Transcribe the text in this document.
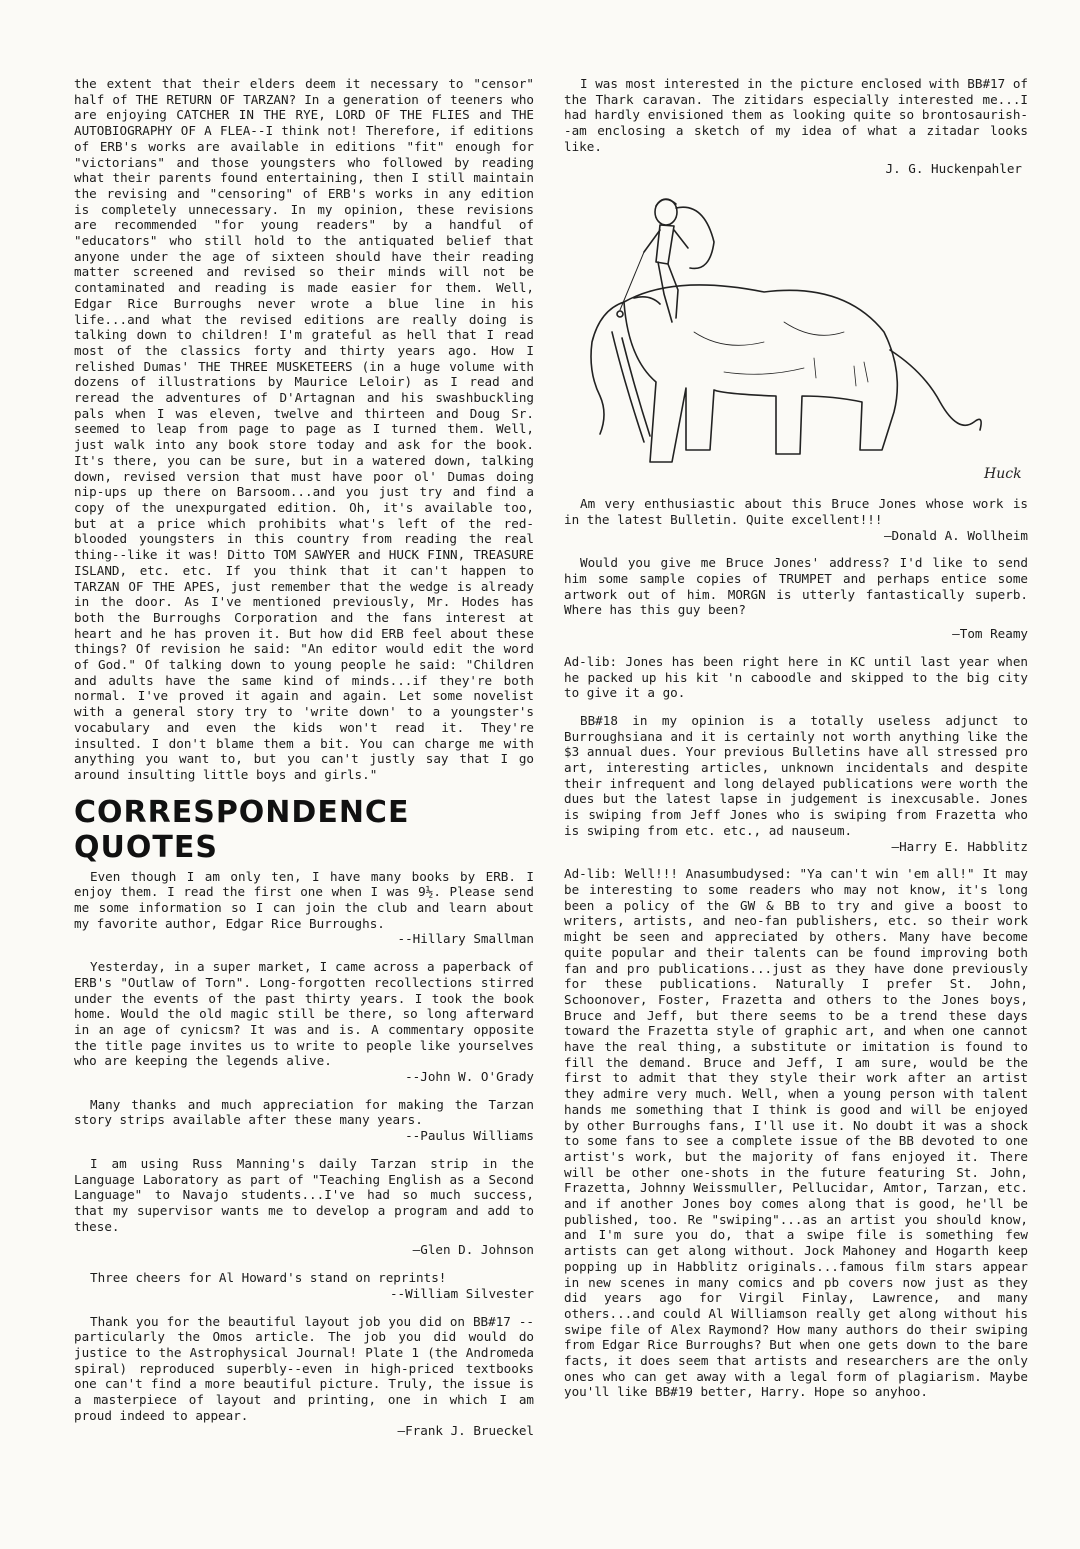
the extent that their elders deem it necessary to "censor" half of THE RETURN OF TARZAN? In a generation of teeners who are enjoying CATCHER IN THE RYE, LORD OF THE FLIES and THE AUTOBIOGRAPHY OF A FLEA--I think not! Therefore, if editions of ERB's works are available in editions "fit" enough for "victorians" and those youngsters who followed by reading what their parents found entertaining, then I still maintain the revising and "censoring" of ERB's works in any edition is completely unnecessary. In my opinion, these revisions are recommended "for young readers" by a handful of "educators" who still hold to the antiquated belief that anyone under the age of sixteen should have their reading matter screened and revised so their minds will not be contaminated and reading is made easier for them. Well, Edgar Rice Burroughs never wrote a blue line in his life...and what the revised editions are really doing is talking down to children! I'm grateful as hell that I read most of the classics forty and thirty years ago. How I relished Dumas' THE THREE MUSKETEERS (in a huge volume with dozens of illustrations by Maurice Leloir) as I read and reread the adventures of D'Artagnan and his swashbuckling pals when I was eleven, twelve and thirteen and Doug Sr. seemed to leap from page to page as I turned them. Well, just walk into any book store today and ask for the book. It's there, you can be sure, but in a watered down, talking down, revised version that must have poor ol' Dumas doing nip-ups up there on Barsoom...and you just try and find a copy of the unexpurgated edition. Oh, it's available too, but at a price which prohibits what's left of the red-blooded youngsters in this country from reading the real thing--like it was! Ditto TOM SAWYER and HUCK FINN, TREASURE ISLAND, etc. etc. If you think that it can't happen to TARZAN OF THE APES, just remember that the wedge is already in the door. As I've mentioned previously, Mr. Hodes has both the Burroughs Corporation and the fans interest at heart and he has proven it. But how did ERB feel about these things? Of revision he said: "An editor would edit the word of God." Of talking down to young people he said: "Children and adults have the same kind of minds...if they're both normal. I've proved it again and again. Let some novelist with a general story try to 'write down' to a youngster's vocabulary and even the kids won't read it. They're insulted. I don't blame them a bit. You can charge me with anything you want to, but you can't justly say that I go around insulting little boys and girls."

CORRESPONDENCE QUOTES

Even though I am only ten, I have many books by ERB. I enjoy them. I read the first one when I was 9½. Please send me some information so I can join the club and learn about my favorite author, Edgar Rice Burroughs.

--Hillary Smallman

Yesterday, in a super market, I came across a paperback of ERB's "Outlaw of Torn". Long-forgotten recollections stirred under the events of the past thirty years. I took the book home. Would the old magic still be there, so long afterward in an age of cynicsm? It was and is. A commentary opposite the title page invites us to write to people like yourselves who are keeping the legends alive.

--John W. O'Grady

Many thanks and much appreciation for making the Tarzan story strips available after these many years.

--Paulus Williams

I am using Russ Manning's daily Tarzan strip in the Language Laboratory as part of "Teaching English as a Second Language" to Navajo students...I've had so much success, that my supervisor wants me to develop a program and add to these.

—Glen D. Johnson

Three cheers for Al Howard's stand on reprints!

--William Silvester

Thank you for the beautiful layout job you did on BB#17 --particularly the Omos article. The job you did would do justice to the Astrophysical Journal! Plate 1 (the Andromeda spiral) reproduced superbly--even in high-priced textbooks one can't find a more beautiful picture. Truly, the issue is a masterpiece of layout and printing, one in which I am proud indeed to appear.

—Frank J. Brueckel

I was most interested in the picture enclosed with BB#17 of the Thark caravan. The zitidars especially interested me...I had hardly envisioned them as looking quite so brontosaurish--am enclosing a sketch of my idea of what a zitadar looks like.

J. G. Huckenpahler
Huck

Am very enthusiastic about this Bruce Jones whose work is in the latest Bulletin. Quite excellent!!!

—Donald A. Wollheim

Would you give me Bruce Jones' address? I'd like to send him some sample copies of TRUMPET and perhaps entice some artwork out of him. MORGN is utterly fantastically superb. Where has this guy been?

—Tom Reamy

Ad-lib: Jones has been right here in KC until last year when he packed up his kit 'n caboodle and skipped to the big city to give it a go.

BB#18 in my opinion is a totally useless adjunct to Burroughsiana and it is certainly not worth anything like the $3 annual dues. Your previous Bulletins have all stressed pro art, interesting articles, unknown incidentals and despite their infrequent and long delayed publications were worth the dues but the latest lapse in judgement is inexcusable. Jones is swiping from Jeff Jones who is swiping from Frazetta who is swiping from etc. etc., ad nauseum.

—Harry E. Habblitz

Ad-lib: Well!!! Anasumbudysed: "Ya can't win 'em all!" It may be interesting to some readers who may not know, it's long been a policy of the GW & BB to try and give a boost to writers, artists, and neo-fan publishers, etc. so their work might be seen and appreciated by others. Many have become quite popular and their talents can be found improving both fan and pro publications...just as they have done previously for these publications. Naturally I prefer St. John, Schoonover, Foster, Frazetta and others to the Jones boys, Bruce and Jeff, but there seems to be a trend these days toward the Frazetta style of graphic art, and when one cannot have the real thing, a substitute or imitation is found to fill the demand. Bruce and Jeff, I am sure, would be the first to admit that they style their work after an artist they admire very much. Well, when a young person with talent hands me something that I think is good and will be enjoyed by other Burroughs fans, I'll use it. No doubt it was a shock to some fans to see a complete issue of the BB devoted to one artist's work, but the majority of fans enjoyed it. There will be other one-shots in the future featuring St. John, Frazetta, Johnny Weissmuller, Pellucidar, Amtor, Tarzan, etc. and if another Jones boy comes along that is good, he'll be published, too. Re "swiping"...as an artist you should know, and I'm sure you do, that a swipe file is something few artists can get along without. Jock Mahoney and Hogarth keep popping up in Habblitz originals...famous film stars appear in new scenes in many comics and pb covers now just as they did years ago for Virgil Finlay, Lawrence, and many others...and could Al Williamson really get along without his swipe file of Alex Raymond? How many authors do their swiping from Edgar Rice Burroughs? But when one gets down to the bare facts, it does seem that artists and researchers are the only ones who can get away with a legal form of plagiarism. Maybe you'll like BB#19 better, Harry. Hope so anyhoo.
